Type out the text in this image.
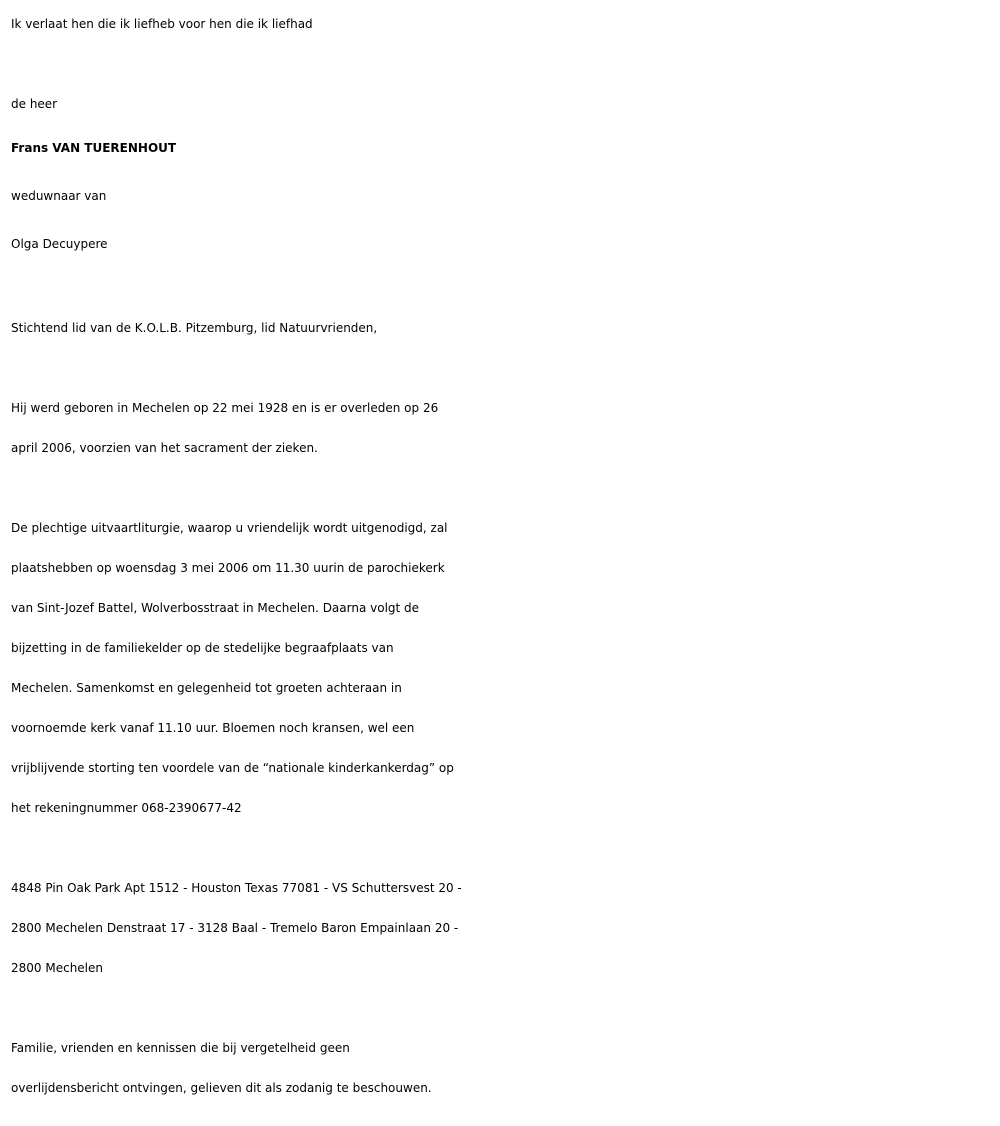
Ik verlaat hen die ik liefheb voor hen die ik liefhad

de heer

Frans VAN TUERENHOUT

weduwnaar van

Olga Decuypere

Stichtend lid van de K.O.L.B. Pitzemburg, lid Natuurvrienden,

Hij werd geboren in Mechelen op 22 mei 1928 en is er overleden op 26

april 2006, voorzien van het sacrament der zieken.

De plechtige uitvaartliturgie, waarop u vriendelijk wordt uitgenodigd, zal

plaatshebben op woensdag 3 mei 2006 om 11.30 uurin de parochiekerk

van Sint-Jozef Battel, Wolverbosstraat in Mechelen. Daarna volgt de

bijzetting in de familiekelder op de stedelijke begraafplaats van

Mechelen. Samenkomst en gelegenheid tot groeten achteraan in

voornoemde kerk vanaf 11.10 uur. Bloemen noch kransen, wel een

vrijblijvende storting ten voordele van de “nationale kinderkankerdag” op

het rekeningnummer 068-2390677-42

4848 Pin Oak Park Apt 1512 - Houston Texas 77081 - VS Schuttersvest 20 -

2800 Mechelen Denstraat 17 - 3128 Baal - Tremelo Baron Empainlaan 20 -

2800 Mechelen

Familie, vrienden en kennissen die bij vergetelheid geen

overlijdensbericht ontvingen, gelieven dit als zodanig te beschouwen.
